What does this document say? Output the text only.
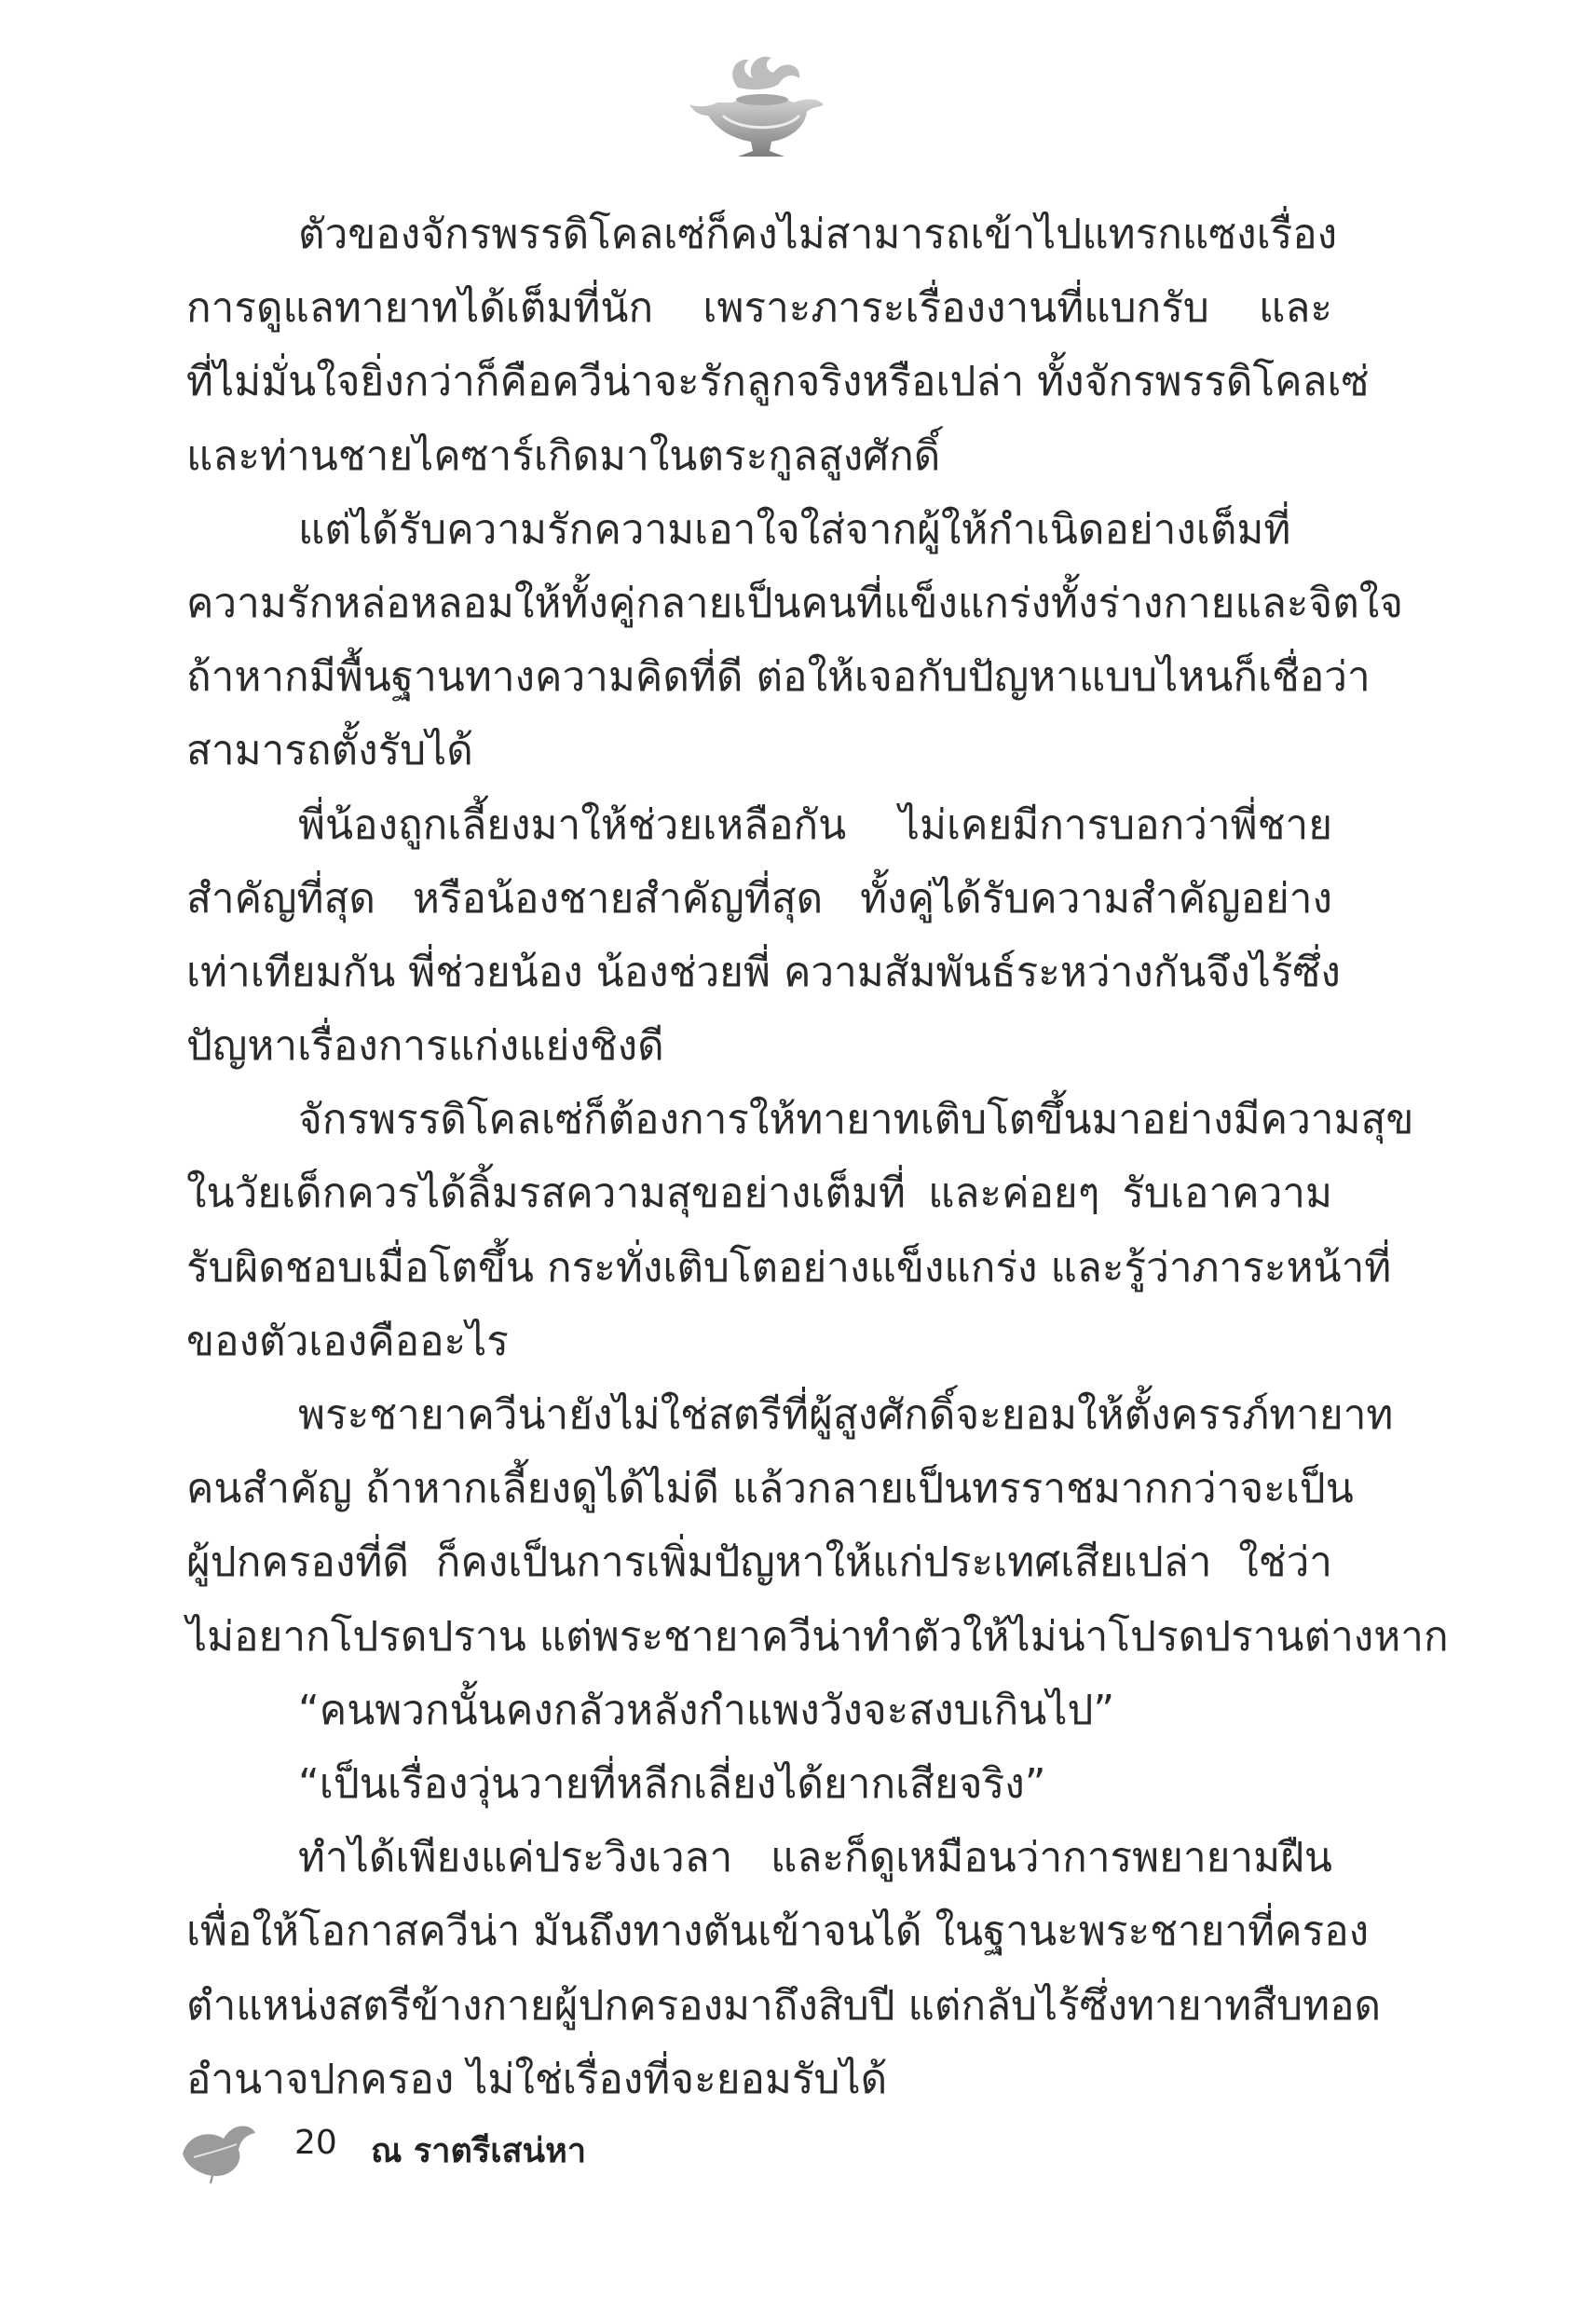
ตัวของจักรพรรดิโคลเซ่ก็คงไม่สามารถเข้าไปแทรกแซงเรื่อง
การดูแลทายาทได้เต็มที่นัก เพราะภาระเรื่องงานที่แบกรับ และ
ที่ไม่มั่นใจยิ่งกว่าก็คือควีน่าจะรักลูกจริงหรือเปล่า ทั้งจักรพรรดิโคลเซ่
และท่านชายไคซาร์เกิดมาในตระกูลสูงศักดิ์
แต่ได้รับความรักความเอาใจใส่จากผู้ให้กำเนิดอย่างเต็มที่
ความรักหล่อหลอมให้ทั้งคู่กลายเป็นคนที่แข็งแกร่งทั้งร่างกายและจิตใจ
ถ้าหากมีพื้นฐานทางความคิดที่ดี ต่อให้เจอกับปัญหาแบบไหนก็เชื่อว่า
สามารถตั้งรับได้
พี่น้องถูกเลี้ยงมาให้ช่วยเหลือกัน ไม่เคยมีการบอกว่าพี่ชาย
สำคัญที่สุด หรือน้องชายสำคัญที่สุด ทั้งคู่ได้รับความสำคัญอย่าง
เท่าเทียมกัน พี่ช่วยน้อง น้องช่วยพี่ ความสัมพันธ์ระหว่างกันจึงไร้ซึ่ง
ปัญหาเรื่องการแก่งแย่งชิงดี
จักรพรรดิโคลเซ่ก็ต้องการให้ทายาทเติบโตขึ้นมาอย่างมีความสุข
ในวัยเด็กควรได้ลิ้มรสความสุขอย่างเต็มที่ และค่อยๆ รับเอาความ
รับผิดชอบเมื่อโตขึ้น กระทั่งเติบโตอย่างแข็งแกร่ง และรู้ว่าภาระหน้าที่
ของตัวเองคืออะไร
พระชายาควีน่ายังไม่ใช่สตรีที่ผู้สูงศักดิ์จะยอมให้ตั้งครรภ์ทายาท
คนสำคัญ ถ้าหากเลี้ยงดูได้ไม่ดี แล้วกลายเป็นทรราชมากกว่าจะเป็น
ผู้ปกครองที่ดี ก็คงเป็นการเพิ่มปัญหาให้แก่ประเทศเสียเปล่า ใช่ว่า
ไม่อยากโปรดปราน แต่พระชายาควีน่าทำตัวให้ไม่น่าโปรดปรานต่างหาก
“คนพวกนั้นคงกลัวหลังกำแพงวังจะสงบเกินไป”
“เป็นเรื่องวุ่นวายที่หลีกเลี่ยงได้ยากเสียจริง”
ทำได้เพียงแค่ประวิงเวลา และก็ดูเหมือนว่าการพยายามฝืน
เพื่อให้โอกาสควีน่า มันถึงทางตันเข้าจนได้ ในฐานะพระชายาที่ครอง
ตำแหน่งสตรีข้างกายผู้ปกครองมาถึงสิบปี แต่กลับไร้ซึ่งทายาทสืบทอด
อำนาจปกครอง ไม่ใช่เรื่องที่จะยอมรับได้
20 ณ ราตรีเสน่หา
